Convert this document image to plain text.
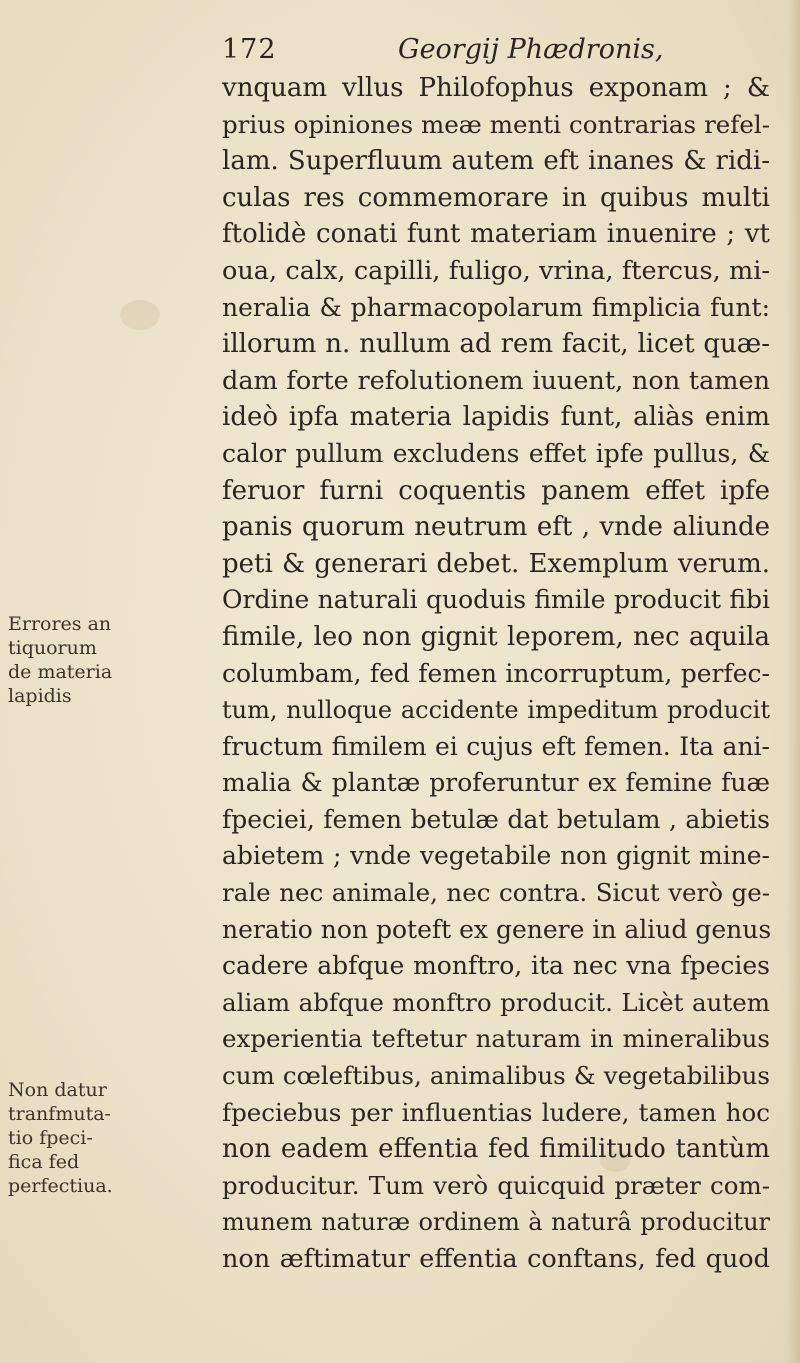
172	Georgij Phædronis,
Errores an
tiquorum
de materia
lapidis
Non datur
tranfmuta-
tio fpeci-
fica fed
perfectiua.
vnquam vllus Philofophus exponam ; &
prius opiniones meæ menti contrarias refel-
lam. Superfluum autem eft inanes & ridi-
culas res commemorare in quibus multi
ftolidè conati funt materiam inuenire ; vt
oua, calx, capilli, fuligo, vrina, ftercus, mi-
neralia & pharmacopolarum fimplicia funt:
illorum n. nullum ad rem facit, licet quæ-
dam forte refolutionem iuuent, non tamen
ideò ipfa materia lapidis funt, aliàs enim
calor pullum excludens effet ipfe pullus, &
feruor furni coquentis panem effet ipfe
panis quorum neutrum eft , vnde aliunde
peti & generari debet. Exemplum verum.
Ordine naturali quoduis fimile producit fibi
fimile, leo non gignit leporem, nec aquila
columbam, fed femen incorruptum, perfec-
tum, nulloque accidente impeditum producit
fructum fimilem ei cujus eft femen. Ita ani-
malia & plantæ proferuntur ex femine fuæ
fpeciei, femen betulæ dat betulam , abietis
abietem ; vnde vegetabile non gignit mine-
rale nec animale, nec contra. Sicut verò ge-
neratio non poteft ex genere in aliud genus
cadere abfque monftro, ita nec vna fpecies
aliam abfque monftro producit. Licèt autem
experientia teftetur naturam in mineralibus
cum cœleftibus, animalibus & vegetabilibus
fpeciebus per influentias ludere, tamen hoc
non eadem effentia fed fimilitudo tantùm
producitur. Tum verò quicquid præter com-
munem naturæ ordinem à naturâ producitur
non æftimatur effentia conftans, fed quod
